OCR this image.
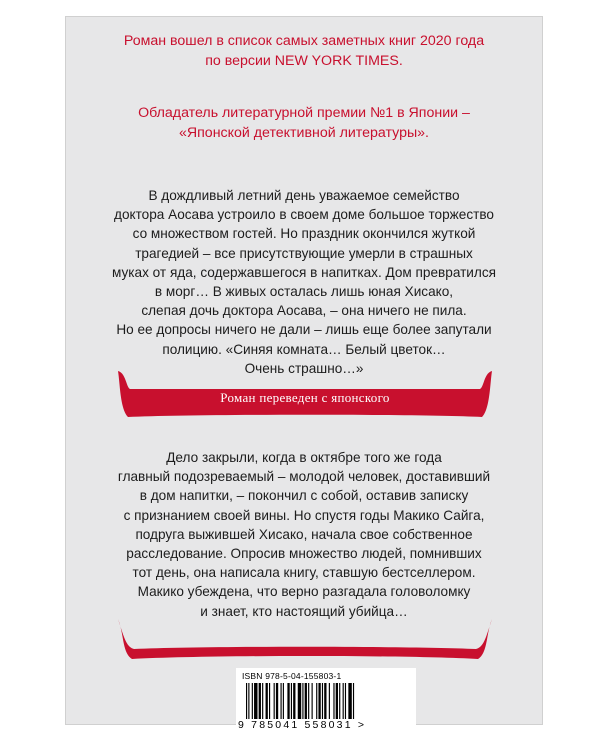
Роман вошел в список самых заметных книг 2020 года
по версии NEW YORK TIMES.
Обладатель литературной премии №1 в Японии –
«Японской детективной литературы».
В дождливый летний день уважаемое семейство
доктора Аосава устроило в своем доме большое торжество
со множеством гостей. Но праздник окончился жуткой
трагедией – все присутствующие умерли в страшных
муках от яда, содержавшегося в напитках. Дом превратился
в морг… В живых осталась лишь юная Хисако,
слепая дочь доктора Аосава, – она ничего не пила.
Но ее допросы ничего не дали – лишь еще более запутали
полицию. «Синяя комната… Белый цветок…
Очень страшно…»
Роман переведен с японского
Дело закрыли, когда в октябре того же года
главный подозреваемый – молодой человек, доставивший
в дом напитки, – покончил с собой, оставив записку
с признанием своей вины. Но спустя годы Макико Сайга,
подруга выжившей Хисако, начала свое собственное
расследование. Опросив множество людей, помнивших
тот день, она написала книгу, ставшую бестселлером.
Макико убеждена, что верно разгадала головоломку
и знает, кто настоящий убийца…
ISBN 978-5-04-155803-1
9 785041 558031 >
